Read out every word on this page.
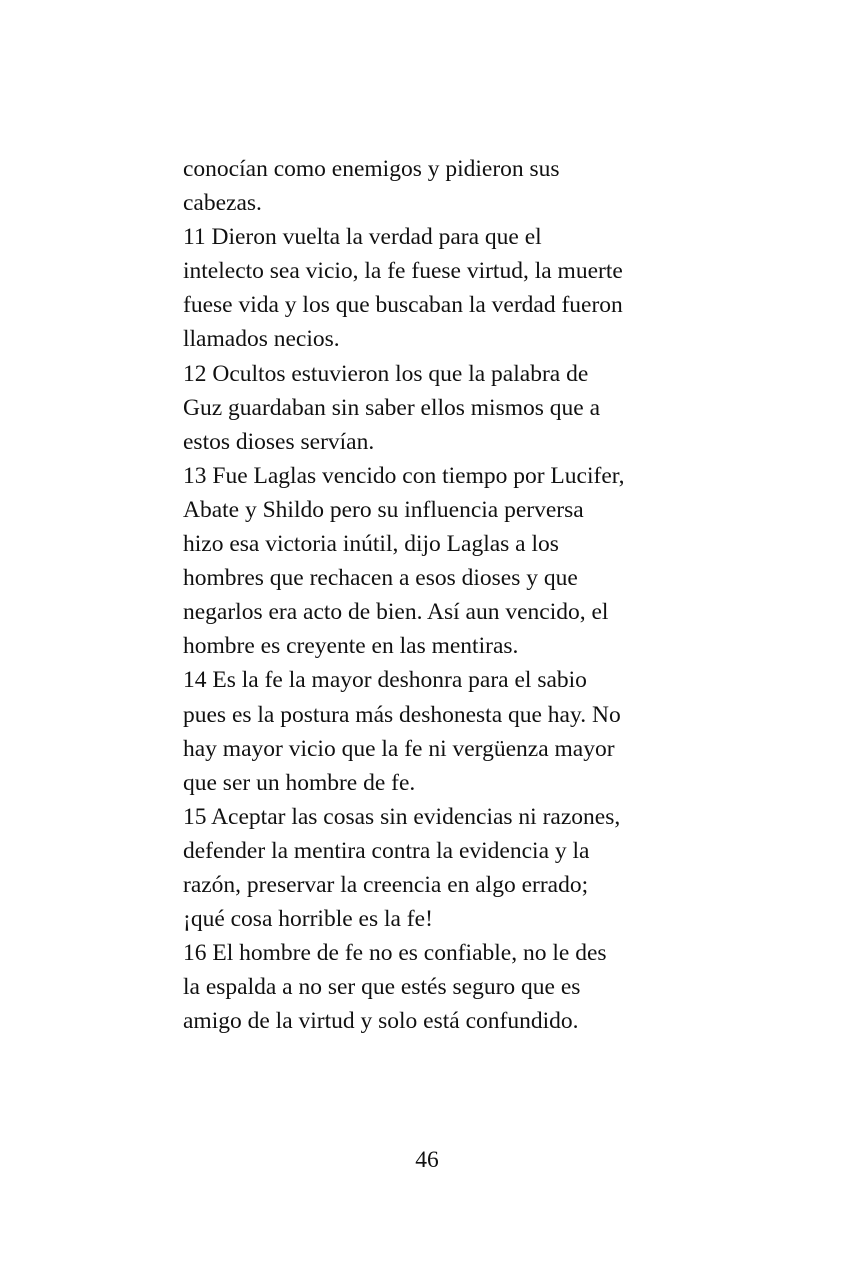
conocían como enemigos y pidieron sus
cabezas.
11 Dieron vuelta la verdad para que el
intelecto sea vicio, la fe fuese virtud, la muerte
fuese vida y los que buscaban la verdad fueron
llamados necios.
12 Ocultos estuvieron los que la palabra de
Guz guardaban sin saber ellos mismos que a
estos dioses servían.
13 Fue Laglas vencido con tiempo por Lucifer,
Abate y Shildo pero su influencia perversa
hizo esa victoria inútil, dijo Laglas a los
hombres que rechacen a esos dioses y que
negarlos era acto de bien. Así aun vencido, el
hombre es creyente en las mentiras.
14 Es la fe la mayor deshonra para el sabio
pues es la postura más deshonesta que hay. No
hay mayor vicio que la fe ni vergüenza mayor
que ser un hombre de fe.
15 Aceptar las cosas sin evidencias ni razones,
defender la mentira contra la evidencia y la
razón, preservar la creencia en algo errado;
¡qué cosa horrible es la fe!
16 El hombre de fe no es confiable, no le des
la espalda a no ser que estés seguro que es
amigo de la virtud y solo está confundido.
46
